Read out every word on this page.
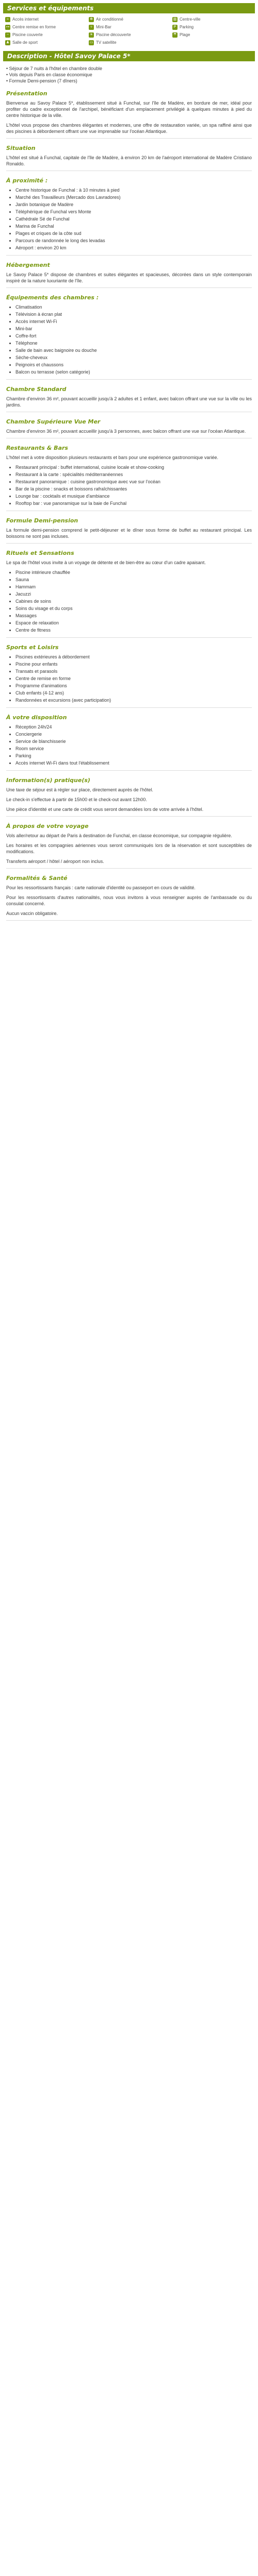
Services et équipements
≈ Accès internet	✻ Air conditionné	▥ Centre-ville
⊶ Centre remise en forme	▿ Mini-Bar	P Parking
~ Piscine couverte	☀ Piscine découverte	☂ Plage
♟ Salle de sport	▭ TV satellite
Description - Hôtel Savoy Palace 5*
• Séjour de 7 nuits à l'hôtel en chambre double
• Vols depuis Paris en classe économique
• Formule Demi-pension (7 dîners)
Présentation

Bienvenue au Savoy Palace 5*, établissement situé à Funchal, sur l'île de Madère, en bordure de mer, idéal pour profiter du cadre exceptionnel de l'archipel, bénéficiant d'un emplacement privilégié à quelques minutes à pied du centre historique de la ville.

L'hôtel vous propose des chambres élégantes et modernes, une offre de restauration variée, un spa raffiné ainsi que des piscines à débordement offrant une vue imprenable sur l'océan Atlantique.

Situation

L'hôtel est situé à Funchal, capitale de l'île de Madère, à environ 20 km de l'aéroport international de Madère Cristiano Ronaldo.

À proximité :
• Centre historique de Funchal : à 10 minutes à pied
• Marché des Travailleurs (Mercado dos Lavradores)
• Jardin botanique de Madère
• Téléphérique de Funchal vers Monte
• Cathédrale Sé de Funchal
• Marina de Funchal
• Plages et criques de la côte sud
• Parcours de randonnée le long des levadas
• Aéroport : environ 20 km
Hébergement

Le Savoy Palace 5* dispose de chambres et suites élégantes et spacieuses, décorées dans un style contemporain inspiré de la nature luxuriante de l'île.

Équipements des chambres :
• Climatisation
• Télévision à écran plat
• Accès internet Wi-Fi
• Mini-bar
• Coffre-fort
• Téléphone
• Salle de bain avec baignoire ou douche
• Sèche-cheveux
• Peignoirs et chaussons
• Balcon ou terrasse (selon catégorie)
Chambre Standard

Chambre d'environ 36 m², pouvant accueillir jusqu'à 2 adultes et 1 enfant, avec balcon offrant une vue sur la ville ou les jardins.

Chambre Supérieure Vue Mer

Chambre d'environ 36 m², pouvant accueillir jusqu'à 3 personnes, avec balcon offrant une vue sur l'océan Atlantique.

Restaurants & Bars

L'hôtel met à votre disposition plusieurs restaurants et bars pour une expérience gastronomique variée.

• Restaurant principal : buffet international, cuisine locale et show-cooking
• Restaurant à la carte : spécialités méditerranéennes
• Restaurant panoramique : cuisine gastronomique avec vue sur l'océan
• Bar de la piscine : snacks et boissons rafraîchissantes
• Lounge bar : cocktails et musique d'ambiance
• Rooftop bar : vue panoramique sur la baie de Funchal
Formule Demi-pension

La formule demi-pension comprend le petit-déjeuner et le dîner sous forme de buffet au restaurant principal. Les boissons ne sont pas incluses.

Rituels et Sensations

Le spa de l'hôtel vous invite à un voyage de détente et de bien-être au cœur d'un cadre apaisant.

• Piscine intérieure chauffée
• Sauna
• Hammam
• Jacuzzi
• Cabines de soins
• Soins du visage et du corps
• Massages
• Espace de relaxation
• Centre de fitness
Sports et Loisirs
• Piscines extérieures à débordement
• Piscine pour enfants
• Transats et parasols
• Centre de remise en forme
• Programme d'animations
• Club enfants (4-12 ans)
• Randonnées et excursions (avec participation)
À votre disposition
• Réception 24h/24
• Conciergerie
• Service de blanchisserie
• Room service
• Parking
• Accès internet Wi-Fi dans tout l'établissement
Information(s) pratique(s)

Une taxe de séjour est à régler sur place, directement auprès de l'hôtel.

Le check-in s'effectue à partir de 15h00 et le check-out avant 12h00.

Une pièce d'identité et une carte de crédit vous seront demandées lors de votre arrivée à l'hôtel.

À propos de votre voyage

Vols aller/retour au départ de Paris à destination de Funchal, en classe économique, sur compagnie régulière.

Les horaires et les compagnies aériennes vous seront communiqués lors de la réservation et sont susceptibles de modifications.

Transferts aéroport / hôtel / aéroport non inclus.

Formalités & Santé

Pour les ressortissants français : carte nationale d'identité ou passeport en cours de validité.

Pour les ressortissants d'autres nationalités, nous vous invitons à vous renseigner auprès de l'ambassade ou du consulat concerné.

Aucun vaccin obligatoire.
